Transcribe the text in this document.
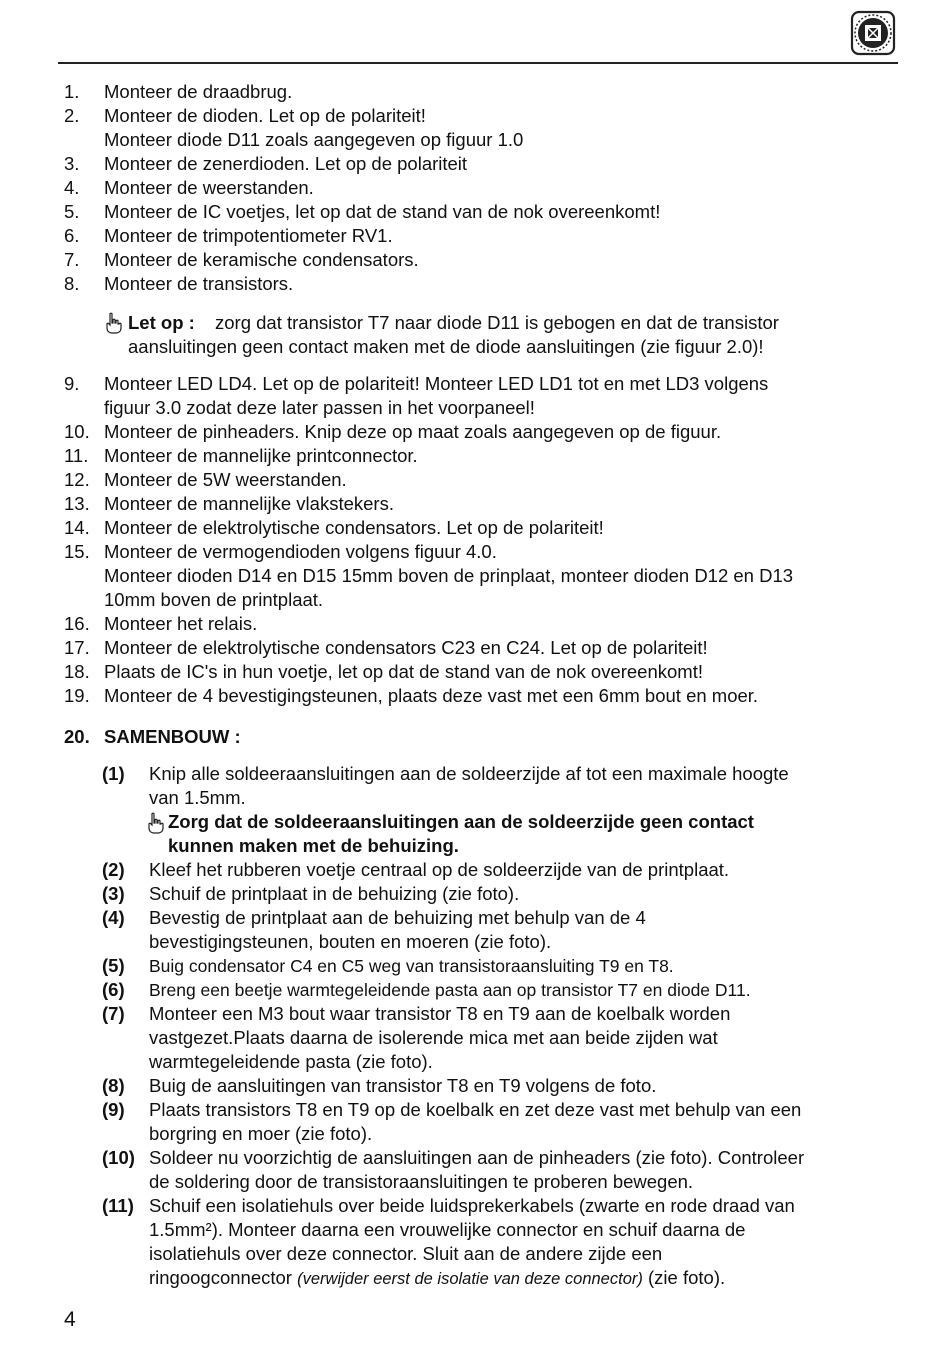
1. Monteer de draadbrug.
2. Monteer de dioden. Let op de polariteit!
Monteer diode D11 zoals aangegeven op figuur 1.0
3. Monteer de zenerdioden. Let op de polariteit
4. Monteer de weerstanden.
5. Monteer de IC voetjes, let op dat de stand van de nok overeenkomt!
6. Monteer de trimpotentiometer RV1.
7. Monteer de keramische condensators.
8. Monteer de transistors.
Let op : zorg dat transistor T7 naar diode D11 is gebogen en dat de transistor
aansluitingen geen contact maken met de diode aansluitingen (zie figuur 2.0)!
9. Monteer LED LD4. Let op de polariteit! Monteer LED LD1 tot en met LD3 volgens
figuur 3.0 zodat deze later passen in het voorpaneel!
10. Monteer de pinheaders. Knip deze op maat zoals aangegeven op de figuur.
11. Monteer de mannelijke printconnector.
12. Monteer de 5W weerstanden.
13. Monteer de mannelijke vlakstekers.
14. Monteer de elektrolytische condensators. Let op de polariteit!
15. Monteer de vermogendioden volgens figuur 4.0.
Monteer dioden D14 en D15 15mm boven de prinplaat, monteer dioden D12 en D13
10mm boven de printplaat.
16. Monteer het relais.
17. Monteer de elektrolytische condensators C23 en C24. Let op de polariteit!
18. Plaats de IC's in hun voetje, let op dat de stand van de nok overeenkomt!
19. Monteer de 4 bevestigingsteunen, plaats deze vast met een 6mm bout en moer.
20. SAMENBOUW :
(1) Knip alle soldeeraansluitingen aan de soldeerzijde af tot een maximale hoogte
van 1.5mm.
Zorg dat de soldeeraansluitingen aan de soldeerzijde geen contact
kunnen maken met de behuizing.
(2) Kleef het rubberen voetje centraal op de soldeerzijde van de printplaat.
(3) Schuif de printplaat in de behuizing (zie foto).
(4) Bevestig de printplaat aan de behuizing met behulp van de 4
bevestigingsteunen, bouten en moeren (zie foto).
(5) Buig condensator C4 en C5 weg van transistoraansluiting T9 en T8.
(6) Breng een beetje warmtegeleidende pasta aan op transistor T7 en diode D11.
(7) Monteer een M3 bout waar transistor T8 en T9 aan de koelbalk worden
vastgezet.Plaats daarna de isolerende mica met aan beide zijden wat
warmtegeleidende pasta (zie foto).
(8) Buig de aansluitingen van transistor T8 en T9 volgens de foto.
(9) Plaats transistors T8 en T9 op de koelbalk en zet deze vast met behulp van een
borgring en moer (zie foto).
(10) Soldeer nu voorzichtig de aansluitingen aan de pinheaders (zie foto). Controleer
de soldering door de transistoraansluitingen te proberen bewegen.
(11) Schuif een isolatiehuls over beide luidsprekerkabels (zwarte en rode draad van
1.5mm²). Monteer daarna een vrouwelijke connector en schuif daarna de
isolatiehuls over deze connector. Sluit aan de andere zijde een
ringoogconnector (verwijder eerst de isolatie van deze connector) (zie foto).
4
